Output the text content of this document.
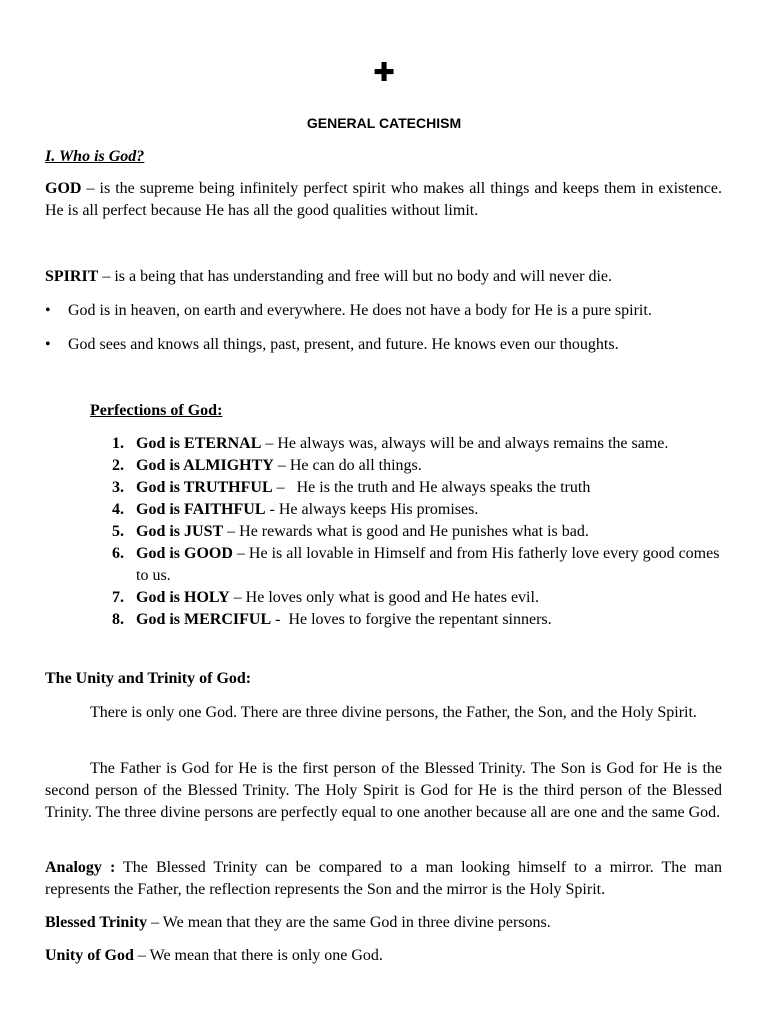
✚
GENERAL CATECHISM
I. Who is God?
GOD – is the supreme being infinitely perfect spirit who makes all things and keeps them in existence. He is all perfect because He has all the good qualities without limit.
SPIRIT – is a being that has understanding and free will but no body and will never die.
• God is in heaven, on earth and everywhere. He does not have a body for He is a pure spirit.
• God sees and knows all things, past, present, and future. He knows even our thoughts.
Perfections of God:
1. God is ETERNAL – He always was, always will be and always remains the same.
2. God is ALMIGHTY – He can do all things.
3. God is TRUTHFUL –   He is the truth and He always speaks the truth
4. God is FAITHFUL - He always keeps His promises.
5. God is JUST – He rewards what is good and He punishes what is bad.
6. God is GOOD – He is all lovable in Himself and from His fatherly love every good comes to us.
7. God is HOLY – He loves only what is good and He hates evil.
8. God is MERCIFUL -  He loves to forgive the repentant sinners.
The Unity and Trinity of God:
There is only one God. There are three divine persons, the Father, the Son, and the Holy Spirit.
The Father is God for He is the first person of the Blessed Trinity. The Son is God for He is the second person of the Blessed Trinity. The Holy Spirit is God for He is the third person of the Blessed Trinity. The three divine persons are perfectly equal to one another because all are one and the same God.
Analogy : The Blessed Trinity can be compared to a man looking himself to a mirror. The man represents the Father, the reflection represents the Son and the mirror is the Holy Spirit.
Blessed Trinity – We mean that they are the same God in three divine persons.
Unity of God – We mean that there is only one God.
